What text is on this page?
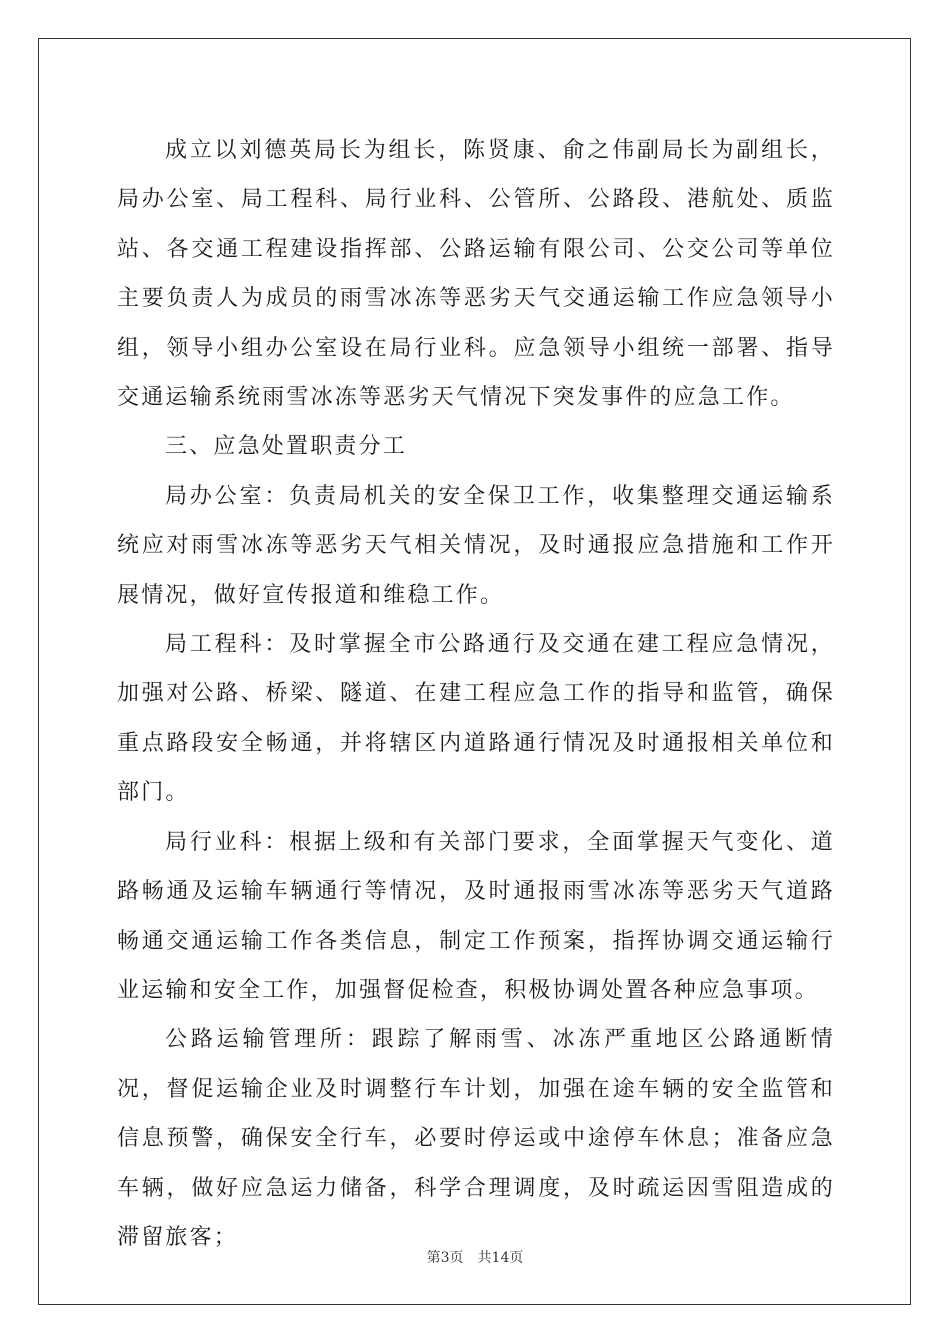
成立以刘德英局长为组长，陈贤康、俞之伟副局长为副组长，局办公室、局工程科、局行业科、公管所、公路段、港航处、质监站、各交通工程建设指挥部、公路运输有限公司、公交公司等单位主要负责人为成员的雨雪冰冻等恶劣天气交通运输工作应急领导小组，领导小组办公室设在局行业科。应急领导小组统一部署、指导交通运输系统雨雪冰冻等恶劣天气情况下突发事件的应急工作。

三、应急处置职责分工

局办公室：负责局机关的安全保卫工作，收集整理交通运输系统应对雨雪冰冻等恶劣天气相关情况，及时通报应急措施和工作开展情况，做好宣传报道和维稳工作。

局工程科：及时掌握全市公路通行及交通在建工程应急情况，加强对公路、桥梁、隧道、在建工程应急工作的指导和监管，确保重点路段安全畅通，并将辖区内道路通行情况及时通报相关单位和部门。

局行业科：根据上级和有关部门要求，全面掌握天气变化、道路畅通及运输车辆通行等情况，及时通报雨雪冰冻等恶劣天气道路畅通交通运输工作各类信息，制定工作预案，指挥协调交通运输行业运输和安全工作，加强督促检查，积极协调处置各种应急事项。

公路运输管理所：跟踪了解雨雪、冰冻严重地区公路通断情况，督促运输企业及时调整行车计划，加强在途车辆的安全监管和信息预警，确保安全行车，必要时停运或中途停车休息；准备应急车辆，做好应急运力储备，科学合理调度，及时疏运因雪阻造成的滞留旅客；

第3页 共14页
